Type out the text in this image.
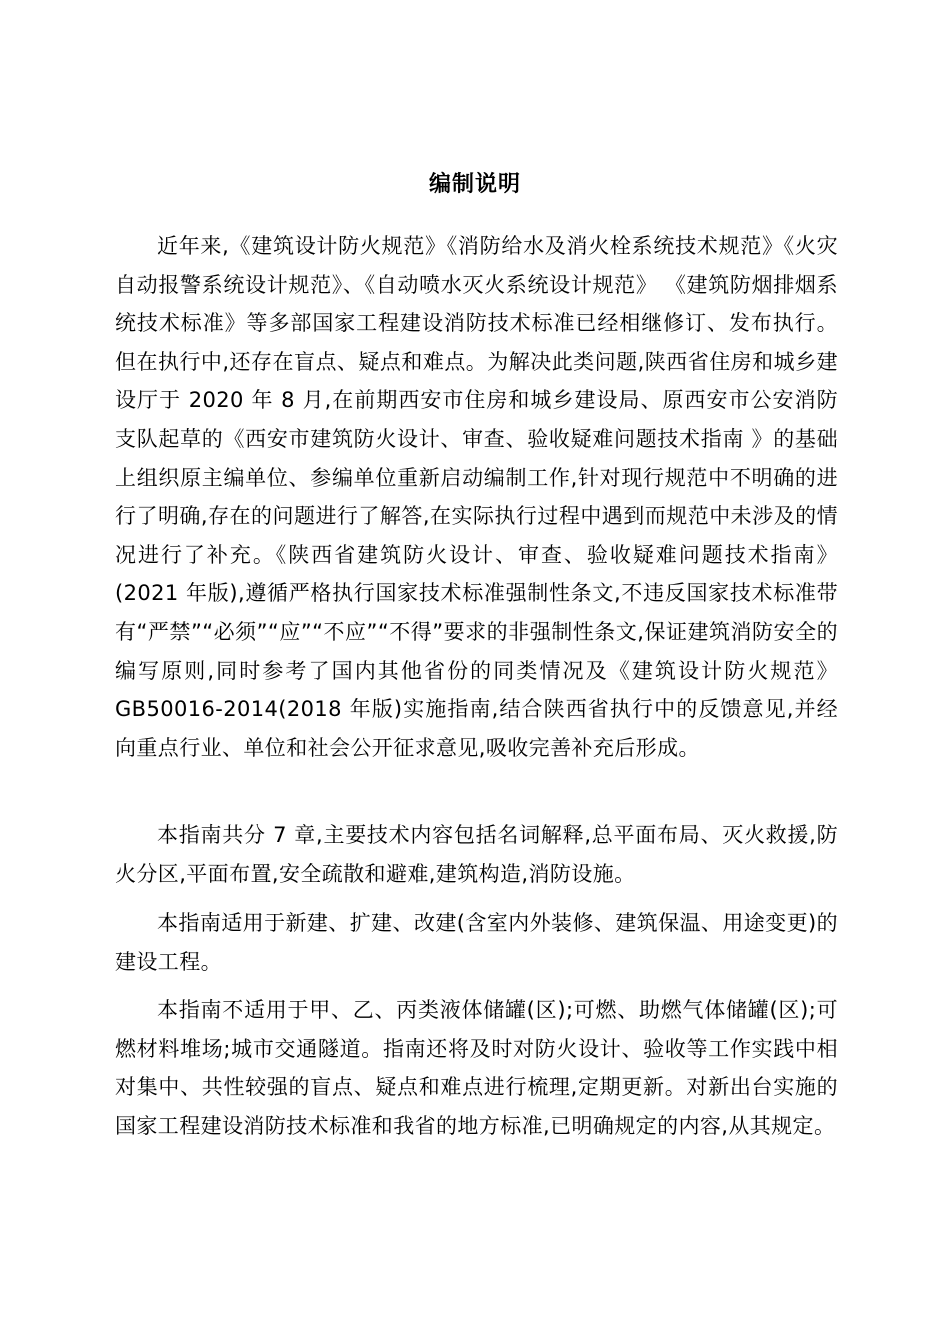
编制说明

近年来,《建筑设计防火规范》《消防给水及消火栓系统技术规范》《火灾自动报警系统设计规范》、《自动喷水灭火系统设计规范》 《建筑防烟排烟系统技术标准》等多部国家工程建设消防技术标准已经相继修订、发布执行。但在执行中,还存在盲点、疑点和难点。为解决此类问题,陕西省住房和城乡建设厅于 2020 年 8 月,在前期西安市住房和城乡建设局、原西安市公安消防支队起草的《西安市建筑防火设计、审查、验收疑难问题技术指南 》的基础上组织原主编单位、参编单位重新启动编制工作,针对现行规范中不明确的进行了明确,存在的问题进行了解答,在实际执行过程中遇到而规范中未涉及的情况进行了补充。《陕西省建筑防火设计、审查、验收疑难问题技术指南》(2021 年版),遵循严格执行国家技术标准强制性条文,不违反国家技术标准带有“严禁”“必须”“应”“不应”“不得”要求的非强制性条文,保证建筑消防安全的编写原则,同时参考了国内其他省份的同类情况及《建筑设计防火规范》GB50016-2014(2018 年版)实施指南,结合陕西省执行中的反馈意见,并经向重点行业、单位和社会公开征求意见,吸收完善补充后形成。

本指南共分 7 章,主要技术内容包括名词解释,总平面布局、灭火救援,防火分区,平面布置,安全疏散和避难,建筑构造,消防设施。

本指南适用于新建、扩建、改建(含室内外装修、建筑保温、用途变更)的建设工程。

本指南不适用于甲、乙、丙类液体储罐(区);可燃、助燃气体储罐(区);可燃材料堆场;城市交通隧道。指南还将及时对防火设计、验收等工作实践中相对集中、共性较强的盲点、疑点和难点进行梳理,定期更新。对新出台实施的国家工程建设消防技术标准和我省的地方标准,已明确规定的内容,从其规定。
